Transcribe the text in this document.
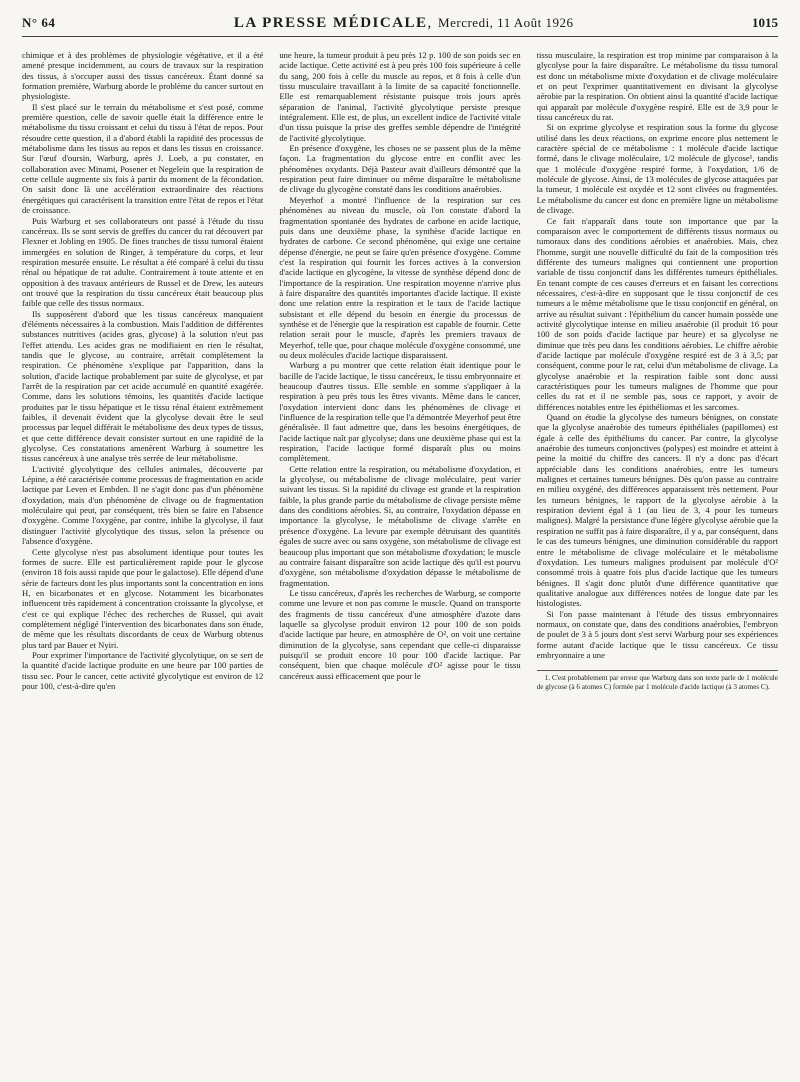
N° 64	LA PRESSE MÉDICALE, Mercredi, 11 Août 1926	1015

chimique et à des problèmes de physiologie végétative, et il a été amené presque incidemment, au cours de travaux sur la respiration des tissus, à s'occuper aussi des tissus cancéreux. Étant donné sa formation première, Warburg aborde le problème du cancer surtout en physiologiste.

Il s'est placé sur le terrain du métabolisme et s'est posé, comme première question, celle de savoir quelle était la différence entre le métabolisme du tissu croissant et celui du tissu à l'état de repos. Pour résoudre cette question, il a d'abord établi la rapidité des processus de métabolisme dans les tissus au repos et dans les tissus en croissance. Sur l'œuf d'oursin, Warburg, après J. Loeb, a pu constater, en collaboration avec Minami, Posener et Negelein que la respiration de cette cellule augmente six fois à partir du moment de la fécondation. On saisit donc là une accélération extraordinaire des réactions énergétiques qui caractérisent la transition entre l'état de repos et l'état de croissance.

Puis Warburg et ses collaborateurs ont passé à l'étude du tissu cancéreux. Ils se sont servis de greffes du cancer du rat découvert par Flexner et Jobling en 1905. De fines tranches de tissu tumoral étaient immergées en solution de Ringer, à température du corps, et leur respiration mesurée ensuite. Le résultat a été comparé à celui du tissu rénal ou hépatique de rat adulte. Contrairement à toute attente et en opposition à des travaux antérieurs de Russel et de Drew, les auteurs ont trouvé que la respiration du tissu cancéreux était beaucoup plus faible que celle des tissus normaux.

Ils supposèrent d'abord que les tissus cancéreux manquaient d'éléments nécessaires à la combustion. Mais l'addition de différentes substances nutritives (acides gras, glycose) à la solution n'eut pas l'effet attendu. Les acides gras ne modifiaient en rien le résultat, tandis que le glycose, au contraire, arrêtait complètement la respiration. Ce phénomène s'explique par l'apparition, dans la solution, d'acide lactique probablement par suite de glycolyse, et par l'arrêt de la respiration par cet acide accumulé en quantité exagérée. Comme, dans les solutions témoins, les quantités d'acide lactique produites par le tissu hépatique et le tissu rénal étaient extrêmement faibles, il devenait évident que la glycolyse devait être le seul processus par lequel différait le métabolisme des deux types de tissus, et que cette différence devait consister surtout en une rapidité de la glycolyse. Ces constatations amenèrent Warburg à soumettre les tissus cancéreux à une analyse très serrée de leur métabolisme.

L'activité glycolytique des cellules animales, découverte par Lépine, a été caractérisée comme processus de fragmentation en acide lactique par Leven et Embden. Il ne s'agit donc pas d'un phénomène d'oxydation, mais d'un phénomène de clivage ou de fragmentation moléculaire qui peut, par conséquent, très bien se faire en l'absence d'oxygène. Comme l'oxygène, par contre, inhibe la glycolyse, il faut distinguer l'activité glycolytique des tissus, selon la présence ou l'absence d'oxygène.

Cette glycolyse n'est pas absolument identique pour toutes les formes de sucre. Elle est particulièrement rapide pour le glycose (environ 18 fois aussi rapide que pour le galactose). Elle dépend d'une série de facteurs dont les plus importants sont la concentration en ions H, en bicarbonates et en glycose. Notamment les bicarbonates influencent très rapidement à concentration croissante la glycolyse, et c'est ce qui explique l'échec des recherches de Russel, qui avait complètement négligé l'intervention des bicarbonates dans son étude, de même que les résultats discordants de ceux de Warburg obtenus plus tard par Bauer et Nyiri.

Pour exprimer l'importance de l'activité glycolytique, on se sert de la quantité d'acide lactique produite en une heure par 100 parties de tissu sec. Pour le cancer, cette activité glycolytique est environ de 12 pour 100, c'est-à-dire qu'en

une heure, la tumeur produit à peu près 12 p. 100 de son poids sec en acide lactique. Cette activité est à peu près 100 fois supérieure à celle du sang, 200 fois à celle du muscle au repos, et 8 fois à celle d'un tissu musculaire travaillant à la limite de sa capacité fonctionnelle. Elle est remarquablement résistante puisque trois jours après séparation de l'animal, l'activité glycolytique persiste presque intégralement. Elle est, de plus, un excellent indice de l'activité vitale d'un tissu puisque la prise des greffes semble dépendre de l'intégrité de l'activité glycolytique.

En présence d'oxygène, les choses ne se passent plus de la même façon. La fragmentation du glycose entre en conflit avec les phénomènes oxydants. Déjà Pasteur avait d'ailleurs démontré que la respiration peut faire diminuer ou même disparaître le métabolisme de clivage du glycogène constaté dans les conditions anaérobies.

Meyerhof a montré l'influence de la respiration sur ces phénomènes au niveau du muscle, où l'on constate d'abord la fragmentation spontanée des hydrates de carbone en acide lactique, puis dans une deuxième phase, la synthèse d'acide lactique en hydrates de carbone. Ce second phénomène, qui exige une certaine dépense d'énergie, ne peut se faire qu'en présence d'oxygène. Comme c'est la respiration qui fournit les forces actives à la conversion d'acide lactique en glycogène, la vitesse de synthèse dépend donc de l'importance de la respiration. Une respiration moyenne n'arrive plus à faire disparaître des quantités importantes d'acide lactique. Il existe donc une relation entre la respiration et le taux de l'acide lactique subsistant et elle dépend du besoin en énergie du processus de synthèse et de l'énergie que la respiration est capable de fournir. Cette relation serait pour le muscle, d'après les premiers travaux de Meyerhof, telle que, pour chaque molécule d'oxygène consommé, une ou deux molécules d'acide lactique disparaissent.

Warburg a pu montrer que cette relation était identique pour le bacille de l'acide lactique, le tissu cancéreux, le tissu embryonnaire et beaucoup d'autres tissus. Elle semble en somme s'appliquer à la respiration à peu près tous les êtres vivants. Même dans le cancer, l'oxydation intervient donc dans les phénomènes de clivage et l'influence de la respiration telle que l'a démontrée Meyerhof peut être généralisée. Il faut admettre que, dans les besoins énergétiques, de l'acide lactique naît par glycolyse; dans une deuxième phase qui est la respiration, l'acide lactique formé disparaît plus ou moins complètement.

Cette relation entre la respiration, ou métabolisme d'oxydation, et la glycolyse, ou métabolisme de clivage moléculaire, peut varier suivant les tissus. Si la rapidité du clivage est grande et la respiration faible, la plus grande partie du métabolisme de clivage persiste même dans des conditions aérobies. Si, au contraire, l'oxydation dépasse en importance la glycolyse, le métabolisme de clivage s'arrête en présence d'oxygène. La levure par exemple détruisant des quantités égales de sucre avec ou sans oxygène, son métabolisme de clivage est beaucoup plus important que son métabolisme d'oxydation; le muscle au contraire faisant disparaître son acide lactique dès qu'il est pourvu d'oxygène, son métabolisme d'oxydation dépasse le métabolisme de fragmentation.

Le tissu cancéreux, d'après les recherches de Warburg, se comporte comme une levure et non pas comme le muscle. Quand on transporte des fragments de tissu cancéreux d'une atmosphère d'azote dans laquelle sa glycolyse produit environ 12 pour 100 de son poids d'acide lactique par heure, en atmosphère de O², on voit une certaine diminution de la glycolyse, sans cependant que celle-ci disparaisse puisqu'il se produit encore 10 pour 100 d'acide lactique. Par conséquent, bien que chaque molécule d'O² agisse pour le tissu cancéreux aussi efficacement que pour le

tissu musculaire, la respiration est trop minime par comparaison à la glycolyse pour la faire disparaître. Le métabolisme du tissu tumoral est donc un métabolisme mixte d'oxydation et de clivage moléculaire et on peut l'exprimer quantitativement en divisant la glycolyse aérobie par la respiration. On obtient ainsi la quantité d'acide lactique qui apparaît par molécule d'oxygène respiré. Elle est de 3,9 pour le tissu cancéreux du rat.

Si on exprime glycolyse et respiration sous la forme du glycose utilisé dans les deux réactions, on exprime encore plus nettement le caractère spécial de ce métabolisme : 1 molécule d'acide lactique formé, dans le clivage moléculaire, 1/2 molécule de glycose¹, tandis que 1 molécule d'oxygène respiré forme, à l'oxydation, 1/6 de molécule de glycose. Ainsi, de 13 molécules de glycose attaquées par la tumeur, 1 molécule est oxydée et 12 sont clivées ou fragmentées. Le métabolisme du cancer est donc en première ligne un métabolisme de clivage.

Ce fait n'apparaît dans toute son importance que par la comparaison avec le comportement de différents tissus normaux ou tumoraux dans des conditions aérobies et anaérobies. Mais, chez l'homme, surgit une nouvelle difficulté du fait de la composition très différente des tumeurs malignes qui contiennent une proportion variable de tissu conjonctif dans les différentes tumeurs épithéliales. En tenant compte de ces causes d'erreurs et en faisant les corrections nécessaires, c'est-à-dire en supposant que le tissu conjonctif de ces tumeurs a le même métabolisme que le tissu conjonctif en général, on arrive au résultat suivant : l'épithélium du cancer humain possède une activité glycolytique intense en milieu anaérobie (il produit 16 pour 100 de son poids d'acide lactique par heure) et sa glycolyse ne diminue que très peu dans les conditions aérobies. Le chiffre aérobie d'acide lactique par molécule d'oxygène respiré est de 3 à 3,5; par conséquent, comme pour le rat, celui d'un métabolisme de clivage. La glycolyse anaérobie et la respiration faible sont donc aussi caractéristiques pour les tumeurs malignes de l'homme que pour celles du rat et il ne semble pas, sous ce rapport, y avoir de différences notables entre les épithéliomas et les sarcomes.

Quand on étudie la glycolyse des tumeurs bénignes, on constate que la glycolyse anaérobie des tumeurs épithéliales (papillomes) est égale à celle des épithéliums du cancer. Par contre, la glycolyse anaérobie des tumeurs conjonctives (polypes) est moindre et atteint à peine la moitié du chiffre des cancers. Il n'y a donc pas d'écart appréciable dans les conditions anaérobies, entre les tumeurs malignes et certaines tumeurs bénignes. Dès qu'on passe au contraire en milieu oxygéné, des différences apparaissent très nettement. Pour les tumeurs bénignes, le rapport de la glycolyse aérobie à la respiration devient égal à 1 (au lieu de 3, 4 pour les tumeurs malignes). Malgré la persistance d'une légère glycolyse aérobie que la respiration ne suffit pas à faire disparaître, il y a, par conséquent, dans le cas des tumeurs bénignes, une diminution considérable du rapport entre le métabolisme de clivage moléculaire et le métabolisme d'oxydation. Les tumeurs malignes produisent par molécule d'O² consommé trois à quatre fois plus d'acide lactique que les tumeurs bénignes. Il s'agit donc plutôt d'une différence quantitative que qualitative analogue aux différences notées de longue date par les histologistes.

Si l'on passe maintenant à l'étude des tissus embryonnaires normaux, on constate que, dans des conditions anaérobies, l'embryon de poulet de 3 à 5 jours dont s'est servi Warburg pour ses expériences forme autant d'acide lactique que le tissu cancéreux. Ce tissu embryonnaire a une

1. C'est probablement par erreur que Warburg dans son texte parle de 1 molécule de glycose (à 6 atomes C) formée par 1 molécule d'acide lactique (à 3 atomes C).
